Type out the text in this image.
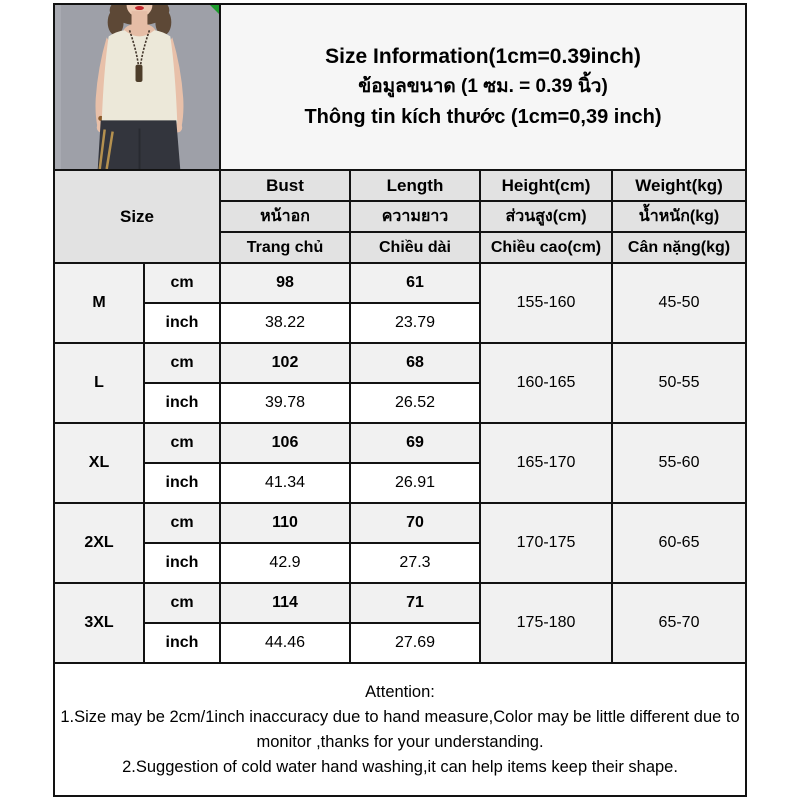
Size Information(1cm=0.39inch)
ข้อมูลขนาด (1 ซม. = 0.39 นิ้ว)
Thông tin kích thước (1cm=0,39 inch)			

Size		Bust	Length	Height(cm)	Weight(kg)
		หน้าอก	ความยาว	ส่วนสูง(cm)	น้ำหนัก(kg)
		Trang chủ	Chiều dài	Chiều cao(cm)	Cân nặng(kg)
M	cm	98	61	155-160	45-50
	inch	38.22	23.79		
L	cm	102	68	160-165	50-55
	inch	39.78	26.52		
XL	cm	106	69	165-170	55-60
	inch	41.34	26.91		
2XL	cm	110	70	170-175	60-65
	inch	42.9	27.3		
3XL	cm	114	71	175-180	65-70
	inch	44.46	27.69		

Attention:
1.Size may be 2cm/1inch inaccuracy due to hand measure,Color may be little different due to monitor ,thanks for your understanding.
2.Suggestion of cold water hand washing,it can help items keep their shape.					
